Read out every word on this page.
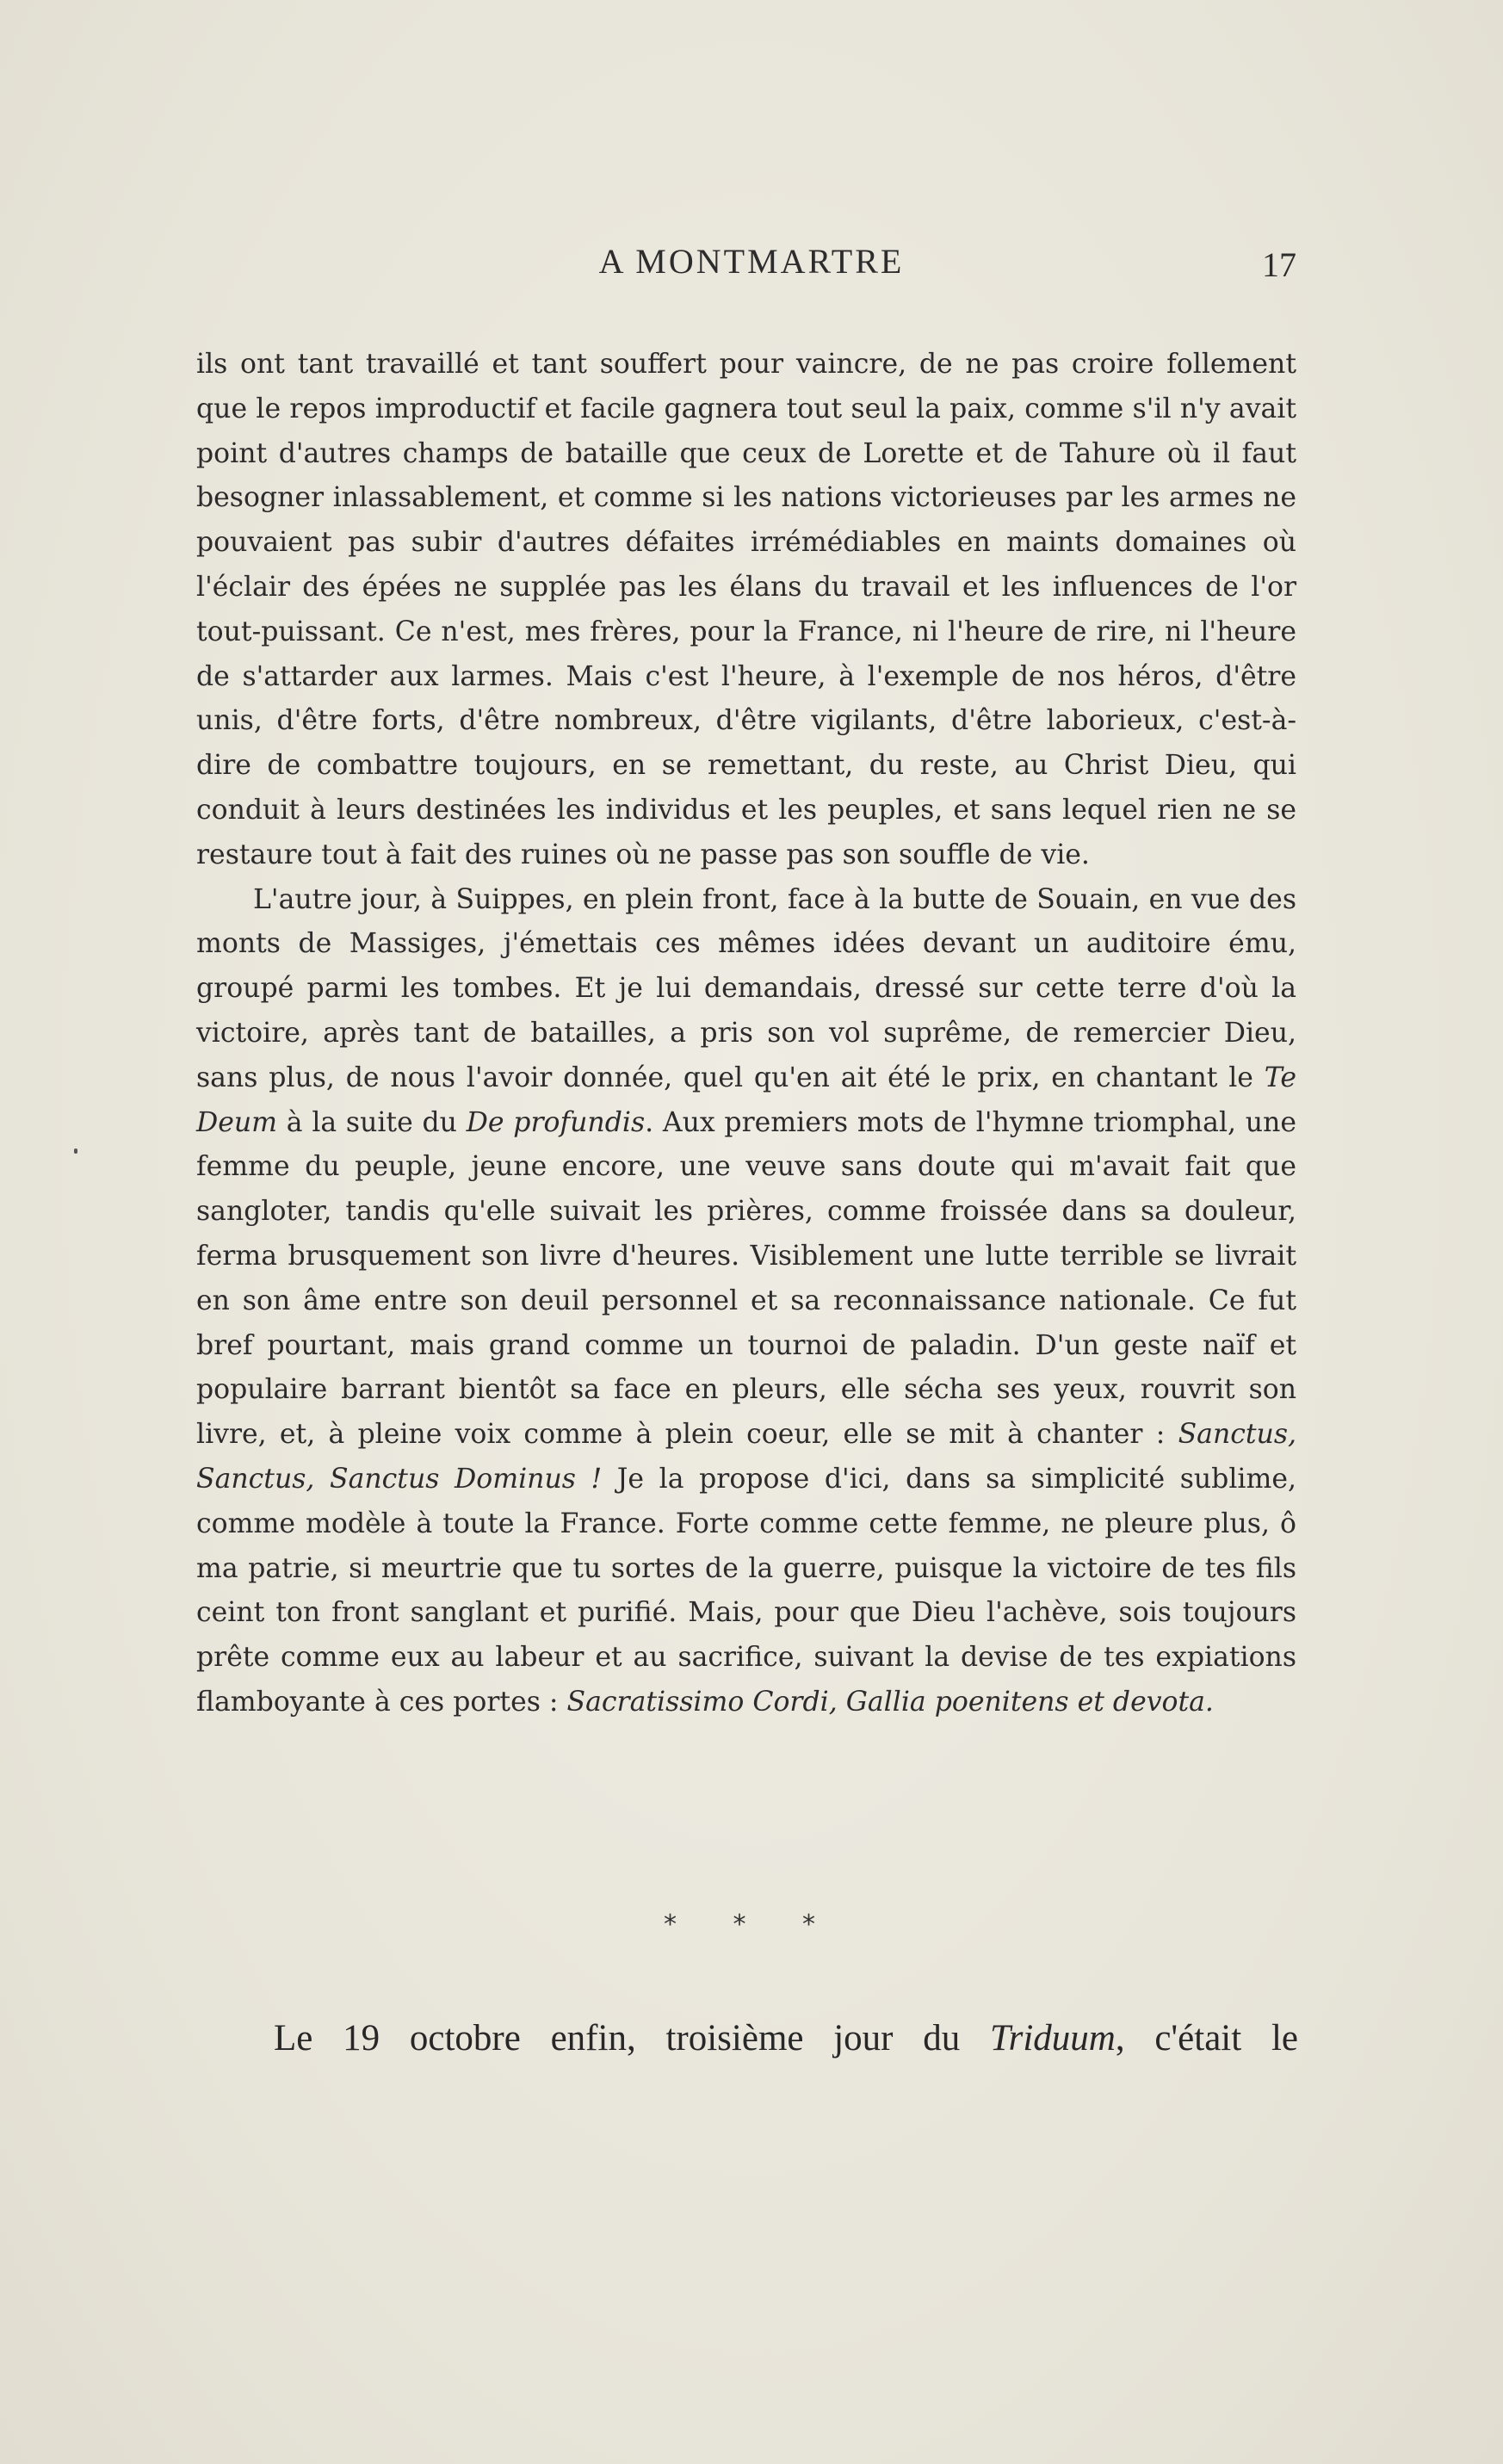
A MONTMARTRE	17

ils ont tant travaillé et tant souffert pour vaincre, de ne pas croire follement que le repos improductif et facile gagnera tout seul la paix, comme s'il n'y avait point d'autres champs de bataille que ceux de Lorette et de Tahure où il faut besogner inlassablement, et comme si les nations victorieuses par les armes ne pouvaient pas subir d'autres défaites irrémédiables en maints domaines où l'éclair des épées ne supplée pas les élans du travail et les influences de l'or tout-puissant. Ce n'est, mes frères, pour la France, ni l'heure de rire, ni l'heure de s'attarder aux larmes. Mais c'est l'heure, à l'exemple de nos héros, d'être unis, d'être forts, d'être nombreux, d'être vigilants, d'être laborieux, c'est-à-dire de combattre toujours, en se remettant, du reste, au Christ Dieu, qui conduit à leurs destinées les individus et les peuples, et sans lequel rien ne se restaure tout à fait des ruines où ne passe pas son souffle de vie.

L'autre jour, à Suippes, en plein front, face à la butte de Souain, en vue des monts de Massiges, j'émettais ces mêmes idées devant un auditoire ému, groupé parmi les tombes. Et je lui demandais, dressé sur cette terre d'où la victoire, après tant de batailles, a pris son vol suprême, de remercier Dieu, sans plus, de nous l'avoir donnée, quel qu'en ait été le prix, en chantant le Te Deum à la suite du De profundis. Aux premiers mots de l'hymne triomphal, une femme du peuple, jeune encore, une veuve sans doute qui m'avait fait que sangloter, tandis qu'elle suivait les prières, comme froissée dans sa douleur, ferma brusquement son livre d'heures. Visiblement une lutte terrible se livrait en son âme entre son deuil personnel et sa reconnaissance nationale. Ce fut bref pourtant, mais grand comme un tournoi de paladin. D'un geste naïf et populaire barrant bientôt sa face en pleurs, elle sécha ses yeux, rouvrit son livre, et, à pleine voix comme à plein coeur, elle se mit à chanter : Sanctus, Sanctus, Sanctus Dominus ! Je la propose d'ici, dans sa simplicité sublime, comme modèle à toute la France. Forte comme cette femme, ne pleure plus, ô ma patrie, si meurtrie que tu sortes de la guerre, puisque la victoire de tes fils ceint ton front sanglant et purifié. Mais, pour que Dieu l'achève, sois toujours prête comme eux au labeur et au sacrifice, suivant la devise de tes expiations flamboyante à ces portes : Sacratissimo Cordi, Gallia poenitens et devota.

* * *
Le 19 octobre enfin, troisième jour du Triduum, c'était le
